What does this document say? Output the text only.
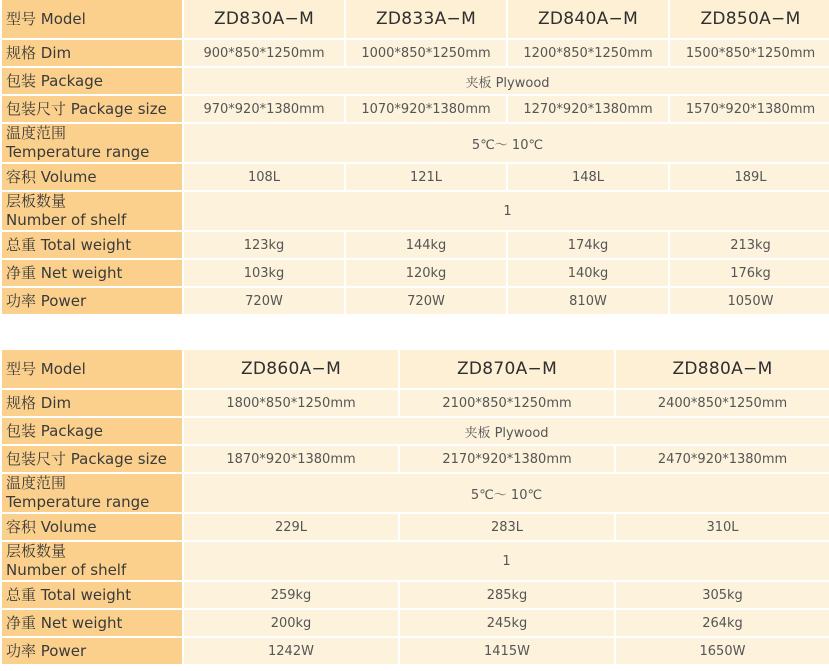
型号 Model	ZD830A−M	ZD833A−M	ZD840A−M	ZD850A−M
规格 Dim	900*850*1250mm	1000*850*1250mm	1200*850*1250mm	1500*850*1250mm
包装 Package	夹板 Plywood			
包装尺寸 Package size	970*920*1380mm	1070*920*1380mm	1270*920*1380mm	1570*920*1380mm

温度范围
Temperature range	5℃～ 10℃			
容积 Volume	108L	121L	148L	189L

层板数量
Number of shelf	1			
总重 Total weight	123kg	144kg	174kg	213kg
净重 Net weight	103kg	120kg	140kg	176kg
功率 Power	720W	720W	810W	1050W
型号 Model	ZD860A−M	ZD870A−M	ZD880A−M
规格 Dim	1800*850*1250mm	2100*850*1250mm	2400*850*1250mm
包装 Package	夹板 Plywood		
包装尺寸 Package size	1870*920*1380mm	2170*920*1380mm	2470*920*1380mm

温度范围
Temperature range	5℃～ 10℃		
容积 Volume	229L	283L	310L

层板数量
Number of shelf	1		
总重 Total weight	259kg	285kg	305kg
净重 Net weight	200kg	245kg	264kg
功率 Power	1242W	1415W	1650W
